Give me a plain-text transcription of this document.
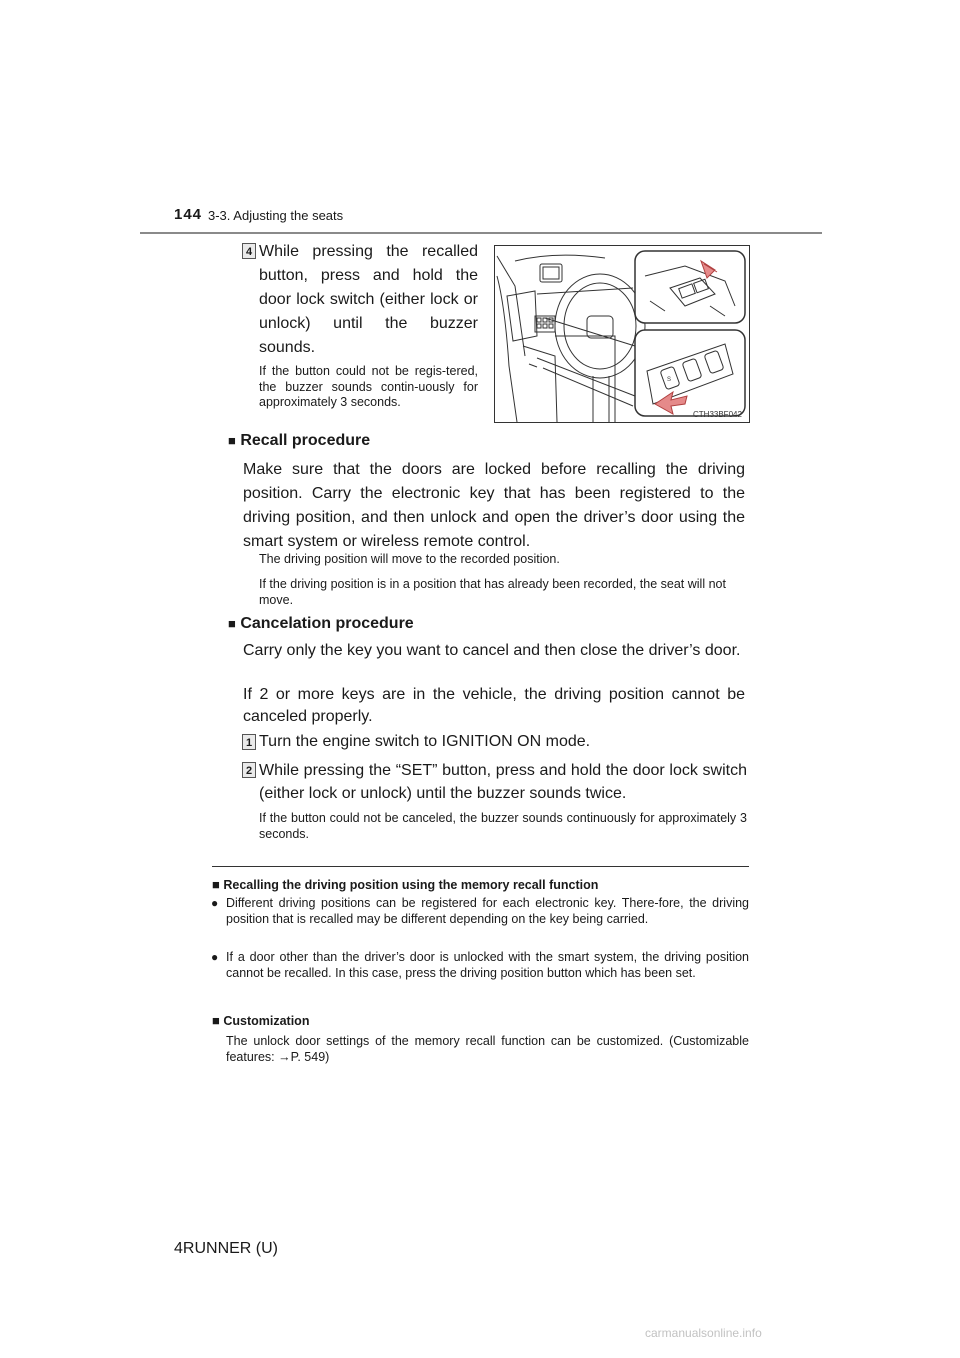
144 3-3. Adjusting the seats
4 While pressing the recalled button, press and hold the door lock switch (either lock or unlock) until the buzzer sounds.
If the button could not be regis-tered, the buzzer sounds contin-uously for approximately 3 seconds.
S
CTH33BF042
■ Recall procedure
Make sure that the doors are locked before recalling the driving position. Carry the electronic key that has been registered to the driving position, and then unlock and open the driver’s door using the smart system or wireless remote control.
The driving position will move to the recorded position.
If the driving position is in a position that has already been recorded, the seat will not move.
■ Cancelation procedure
Carry only the key you want to cancel and then close the driver’s door.
If 2 or more keys are in the vehicle, the driving position cannot be canceled properly.
1 Turn the engine switch to IGNITION ON mode.
2 While pressing the “SET” button, press and hold the door lock switch (either lock or unlock) until the buzzer sounds twice.
If the button could not be canceled, the buzzer sounds continuously for approximately 3 seconds.
■ Recalling the driving position using the memory recall function
● Different driving positions can be registered for each electronic key. There-fore, the driving position that is recalled may be different depending on the key being carried.
● If a door other than the driver’s door is unlocked with the smart system, the driving position cannot be recalled. In this case, press the driving position button which has been set.
■ Customization
The unlock door settings of the memory recall function can be customized. (Customizable features: →P. 549)
4RUNNER (U)
carmanualsonline.info
